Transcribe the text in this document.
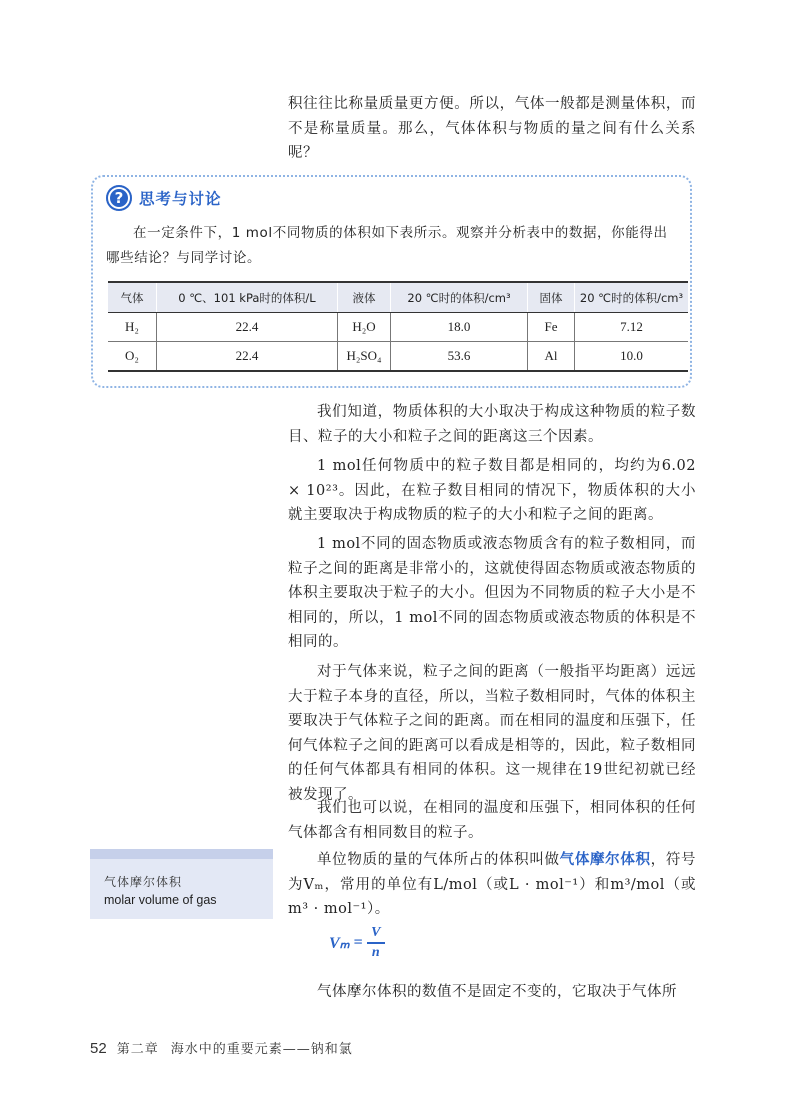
积往往比称量质量更方便。所以，气体一般都是测量体积，而不是称量质量。那么，气体体积与物质的量之间有什么关系呢？

?	思考与讨论

在一定条件下，1 mol不同物质的体积如下表所示。观察并分析表中的数据，你能得出哪些结论？与同学讨论。

气体	0 ℃、101 kPa时的体积/L	液体	20 ℃时的体积/cm³	固体	20 ℃时的体积/cm³
H₂	22.4	H₂O	18.0	Fe	7.12
O₂	22.4	H₂SO₄	53.6	Al	10.0

我们知道，物质体积的大小取决于构成这种物质的粒子数目、粒子的大小和粒子之间的距离这三个因素。

1 mol任何物质中的粒子数目都是相同的，均约为6.02 × 10²³。因此，在粒子数目相同的情况下，物质体积的大小就主要取决于构成物质的粒子的大小和粒子之间的距离。

1 mol不同的固态物质或液态物质含有的粒子数相同，而粒子之间的距离是非常小的，这就使得固态物质或液态物质的体积主要取决于粒子的大小。但因为不同物质的粒子大小是不相同的，所以，1 mol不同的固态物质或液态物质的体积是不相同的。

对于气体来说，粒子之间的距离（一般指平均距离）远远大于粒子本身的直径，所以，当粒子数相同时，气体的体积主要取决于气体粒子之间的距离。而在相同的温度和压强下，任何气体粒子之间的距离可以看成是相等的，因此，粒子数相同的任何气体都具有相同的体积。这一规律在19世纪初就已经被发现了。

我们也可以说，在相同的温度和压强下，相同体积的任何气体都含有相同数目的粒子。

单位物质的量的气体所占的体积叫做气体摩尔体积，符号为Vₘ，常用的单位有L/mol（或L · mol⁻¹）和m³/mol（或m³ · mol⁻¹）。

$V_m = \frac{V}{n}$

气体摩尔体积的数值不是固定不变的，它取决于气体所

气体摩尔体积
molar volume of gas
52 第二章 海水中的重要元素——钠和氯
